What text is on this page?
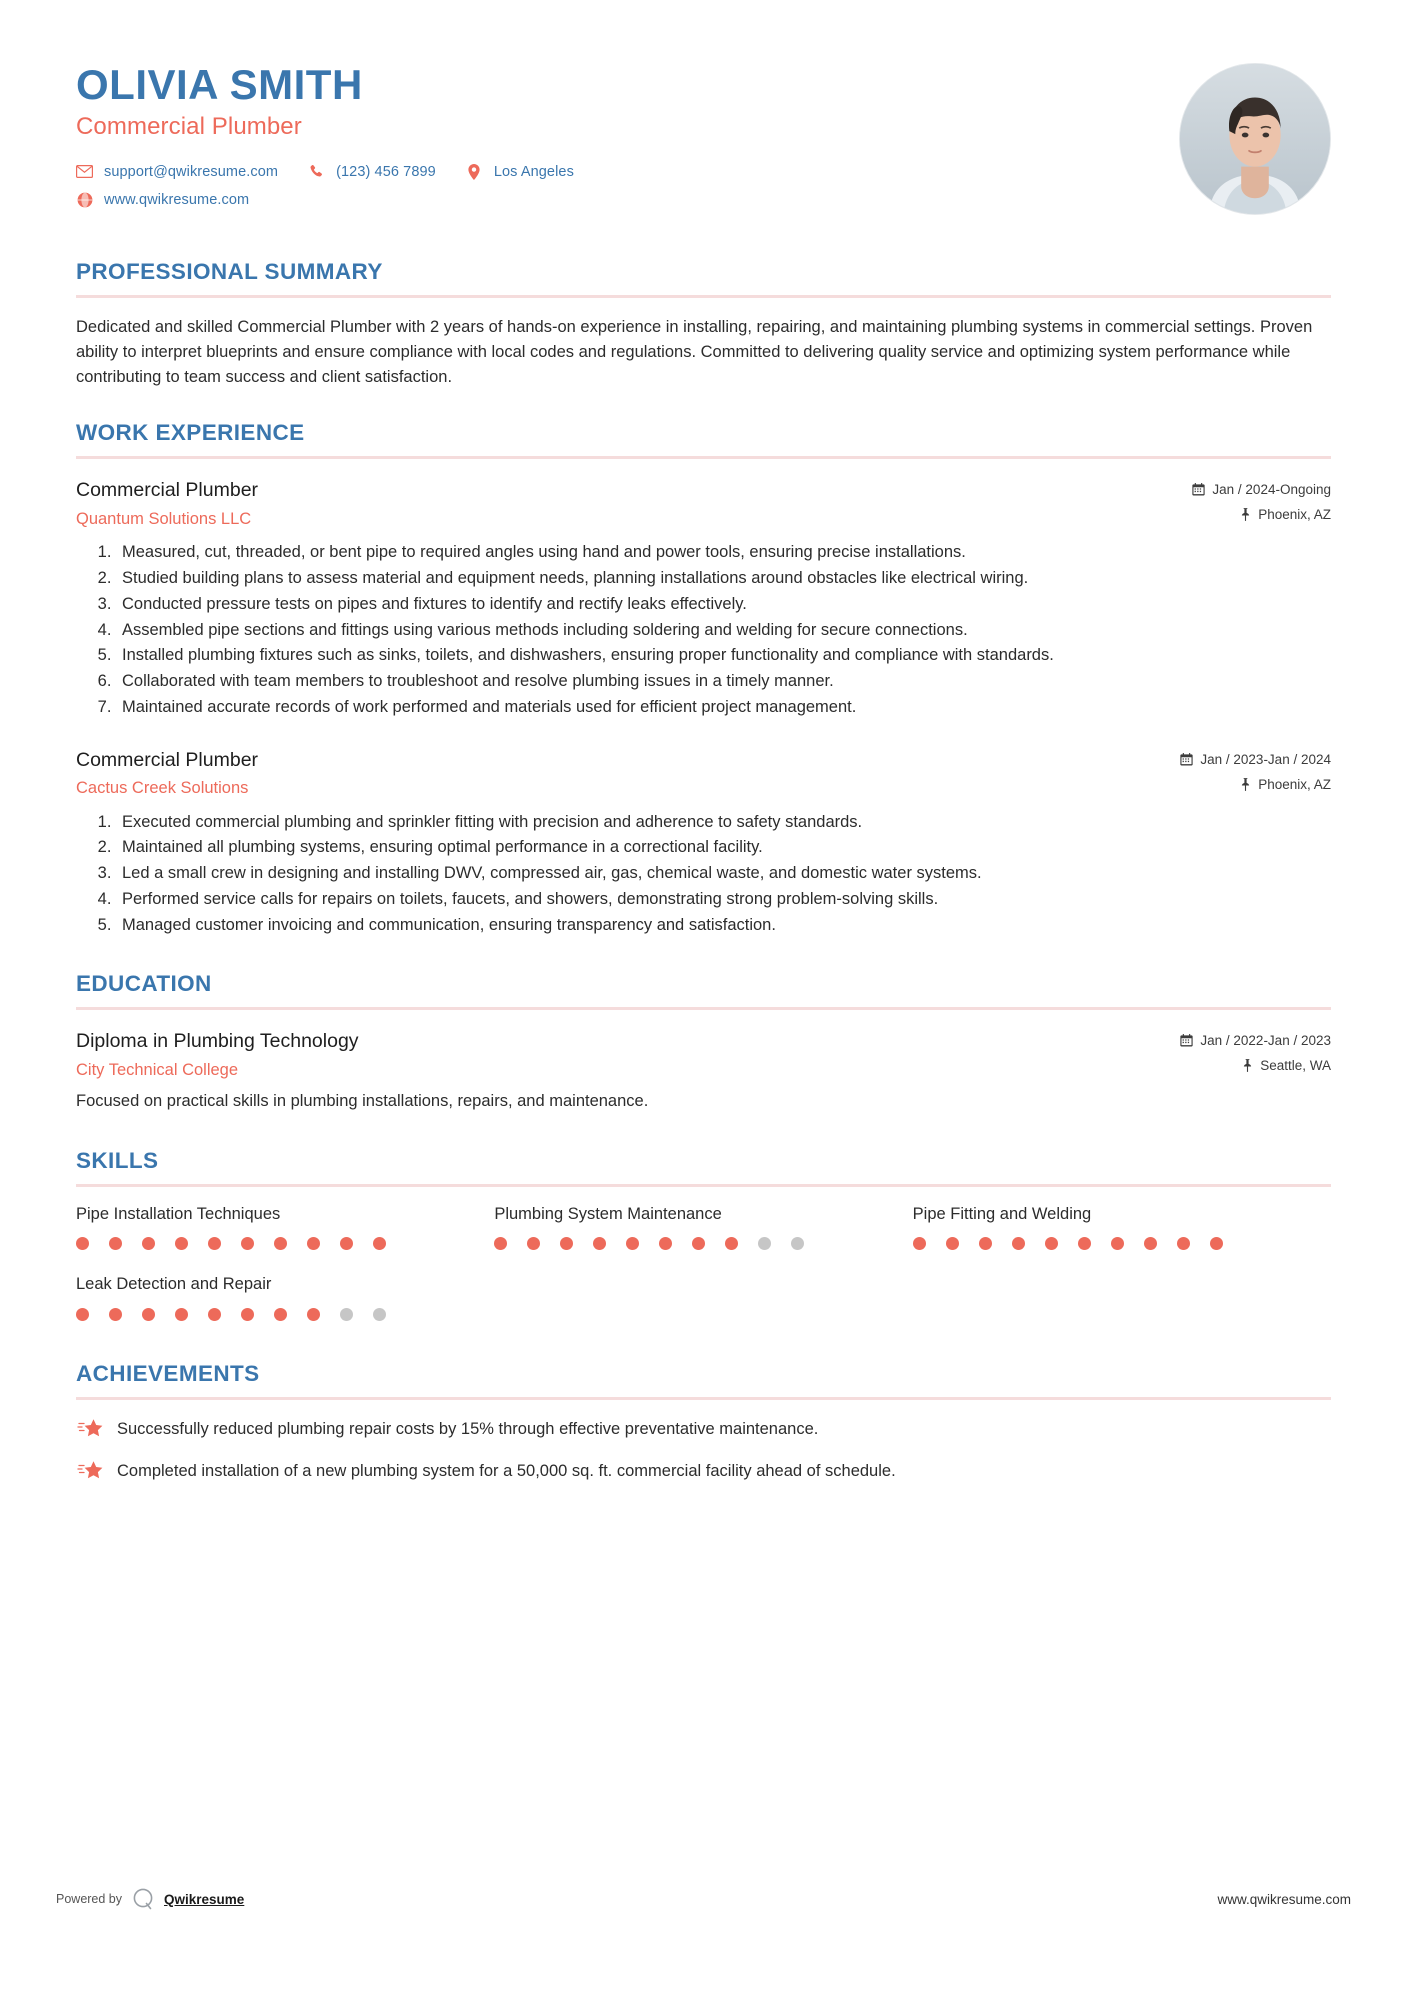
OLIVIA SMITH
Commercial Plumber
support@qwikresume.com	(123) 456 7899	Los Angeles
www.qwikresume.com
PROFESSIONAL SUMMARY
Dedicated and skilled Commercial Plumber with 2 years of hands-on experience in installing, repairing, and maintaining plumbing systems in commercial settings. Proven ability to interpret blueprints and ensure compliance with local codes and regulations. Committed to delivering quality service and optimizing system performance while contributing to team success and client satisfaction.
WORK EXPERIENCE
Commercial Plumber
Quantum Solutions LLC
Jan / 2024-Ongoing
Phoenix, AZ
1. Measured, cut, threaded, or bent pipe to required angles using hand and power tools, ensuring precise installations.
2. Studied building plans to assess material and equipment needs, planning installations around obstacles like electrical wiring.
3. Conducted pressure tests on pipes and fixtures to identify and rectify leaks effectively.
4. Assembled pipe sections and fittings using various methods including soldering and welding for secure connections.
5. Installed plumbing fixtures such as sinks, toilets, and dishwashers, ensuring proper functionality and compliance with standards.
6. Collaborated with team members to troubleshoot and resolve plumbing issues in a timely manner.
7. Maintained accurate records of work performed and materials used for efficient project management.
Commercial Plumber
Cactus Creek Solutions
Jan / 2023-Jan / 2024
Phoenix, AZ
1. Executed commercial plumbing and sprinkler fitting with precision and adherence to safety standards.
2. Maintained all plumbing systems, ensuring optimal performance in a correctional facility.
3. Led a small crew in designing and installing DWV, compressed air, gas, chemical waste, and domestic water systems.
4. Performed service calls for repairs on toilets, faucets, and showers, demonstrating strong problem-solving skills.
5. Managed customer invoicing and communication, ensuring transparency and satisfaction.
EDUCATION
Diploma in Plumbing Technology
City Technical College
Jan / 2022-Jan / 2023
Seattle, WA
Focused on practical skills in plumbing installations, repairs, and maintenance.
SKILLS
Pipe Installation Techniques	Plumbing System Maintenance	Pipe Fitting and Welding
Leak Detection and Repair
ACHIEVEMENTS
Successfully reduced plumbing repair costs by 15% through effective preventative maintenance.
Completed installation of a new plumbing system for a 50,000 sq. ft. commercial facility ahead of schedule.
Powered by	Qwikresume	www.qwikresume.com
